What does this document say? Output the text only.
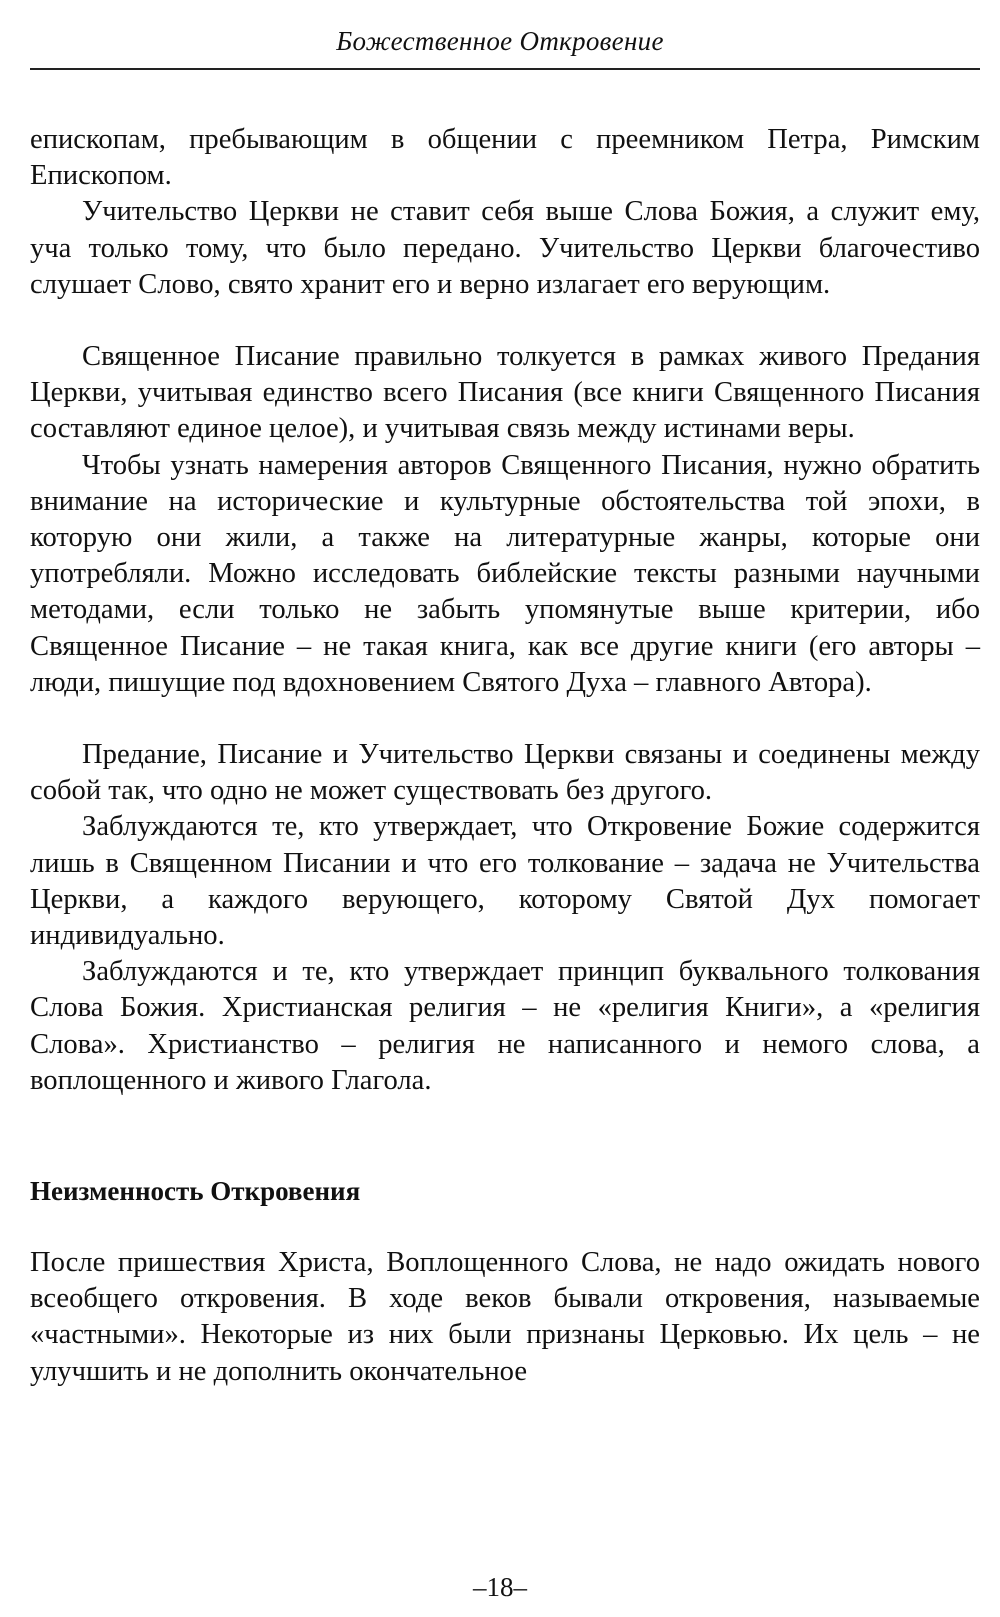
Божественное Откровение

епископам, пребывающим в общении с преемником Петра, Римским Епископом.

Учительство Церкви не ставит себя выше Слова Божия, а служит ему, уча только тому, что было передано. Учительство Церкви благочестиво слушает Слово, свято хранит его и верно излагает его верующим.

Священное Писание правильно толкуется в рамках живого Предания Церкви, учитывая единство всего Писания (все книги Священного Писания составляют единое целое), и учитывая связь между истинами веры.

Чтобы узнать намерения авторов Священного Писания, нужно обратить внимание на исторические и культурные обстоятельства той эпохи, в которую они жили, а также на литературные жанры, которые они употребляли. Можно исследовать библейские тексты разными научными методами, если только не забыть упомянутые выше критерии, ибо Священное Писание – не такая книга, как все другие книги (его авторы – люди, пишущие под вдохновением Святого Духа – главного Автора).

Предание, Писание и Учительство Церкви связаны и соединены между собой так, что одно не может существовать без другого.

Заблуждаются те, кто утверждает, что Откровение Божие содержится лишь в Священном Писании и что его толкование – задача не Учительства Церкви, а каждого верующего, которому Святой Дух помогает индивидуально.

Заблуждаются и те, кто утверждает принцип буквального толкования Слова Божия. Христианская религия – не «религия Книги», а «религия Слова». Христианство – религия не написанного и немого слова, а воплощенного и живого Глагола.

Неизменность Откровения

После пришествия Христа, Воплощенного Слова, не надо ожидать нового всеобщего откровения. В ходе веков бывали откровения, называемые «частными». Некоторые из них были признаны Церковью. Их цель – не улучшить и не дополнить окончательное

–18–
